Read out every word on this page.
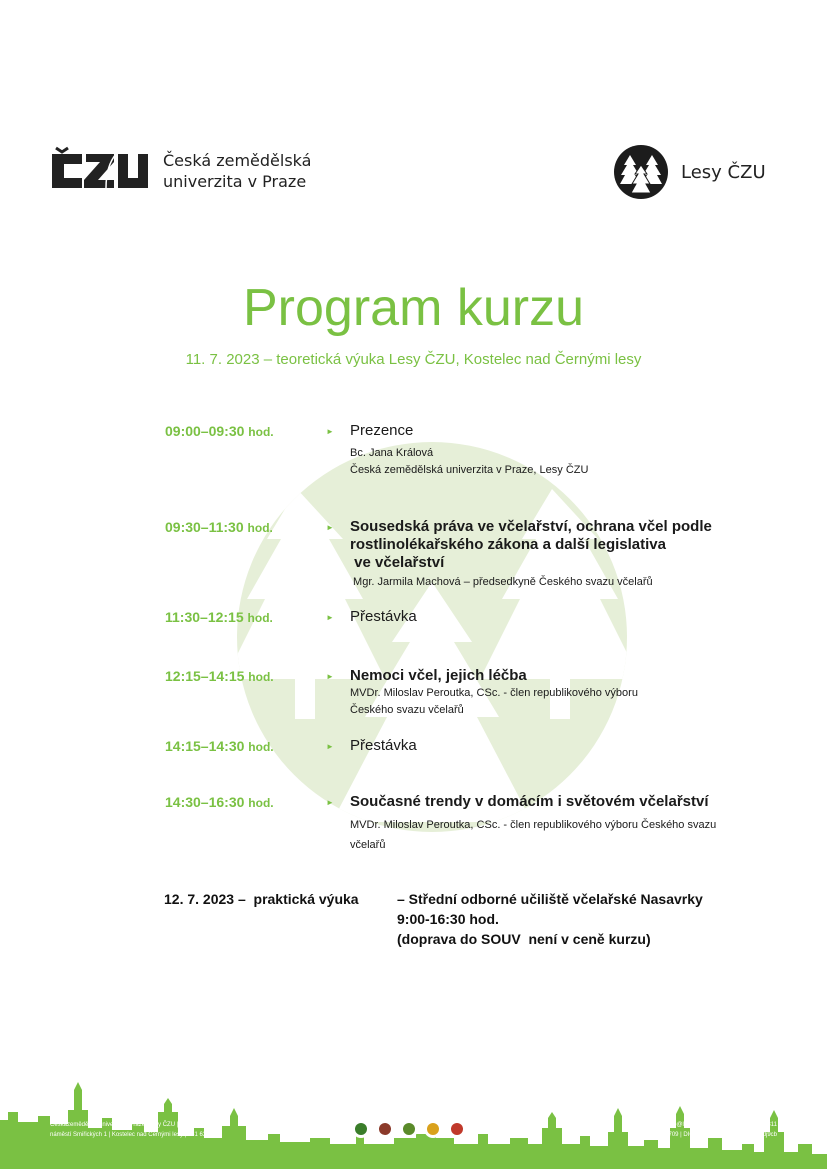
Česká zemědělská
univerzita v Praze	Lesy ČZU
Program kurzu
11. 7. 2023 – teoretická výuka Lesy ČZU, Kostelec nad Černými lesy
09:00–09:30 hod.	► Prezence
Bc. Jana Králová
Česká zemědělská univerzita v Praze, Lesy ČZU
09:30–11:30 hod.	► Sousedská práva ve včelařství, ochrana včel podle
rostlinolékařského zákona a další legislativa
ve včelařství
Mgr. Jarmila Machová – předsedkyně Českého svazu včelařů
11:30–12:15 hod.	► Přestávka
12:15–14:15 hod.	► Nemoci včel, jejich léčba
MVDr. Miloslav Peroutka, CSc. - člen republikového výboru
Českého svazu včelařů
14:15–14:30 hod.	► Přestávka
14:30–16:30 hod.	► Současné trendy v domácím i světovém včelařství
MVDr. Miloslav Peroutka, CSc. - člen republikového výboru Českého svazu
včelařů
12. 7. 2023 –  praktická výuka	– Střední odborné učiliště včelařské Nasavrky
9:00-16:30 hod.
(doprava do SOUV  není v ceně kurzu)
Českázemědělskáuniverzitav Praze–Lesy ČZU | lesy.czu.cz
náměstí Smiřických 1 | Kostelec nad Černými lesy | 281 63
Email:info@lesy.czu.cz | Tel.: +420 321 610 311
IČ: CZ60460709 | DIČ: CZ60460709 | ID DS: 3hdj9cb
